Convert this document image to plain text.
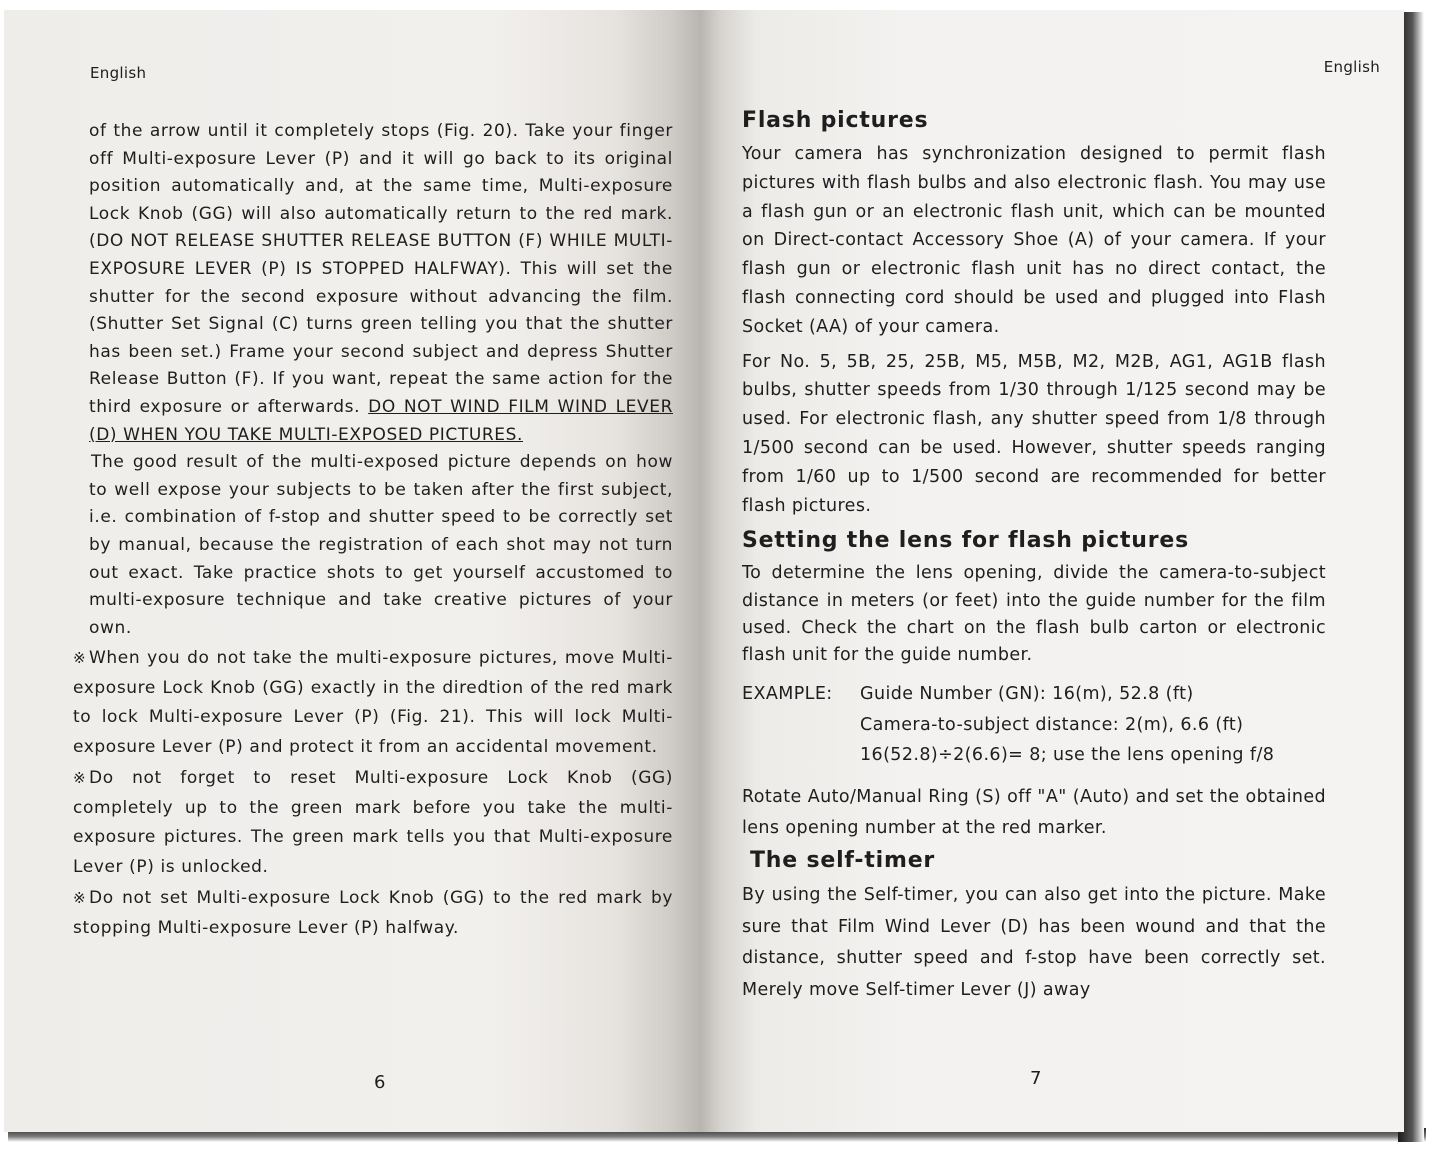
English

of the arrow until it completely stops (Fig. 20). Take your finger off Multi-exposure Lever (P) and it will go back to its original position automatically and, at the same time, Multi-exposure Lock Knob (GG) will also automatically return to the red mark. (DO NOT RELEASE SHUTTER RELEASE BUTTON (F) WHILE MULTI-EXPOSURE LEVER (P) IS STOPPED HALFWAY). This will set the shutter for the second exposure without advancing the film. (Shutter Set Signal (C) turns green telling you that the shutter has been set.) Frame your second subject and depress Shutter Release Button (F). If you want, repeat the same action for the third exposure or afterwards. DO NOT WIND FILM WIND LEVER (D) WHEN YOU TAKE MULTI-EXPOSED PICTURES.

The good result of the multi-exposed picture depends on how to well expose your subjects to be taken after the first subject, i.e. combination of f-stop and shutter speed to be correctly set by manual, because the registration of each shot may not turn out exact. Take practice shots to get yourself accustomed to multi-exposure technique and take creative pictures of your own.

※ When you do not take the multi-exposure pictures, move Multi-exposure Lock Knob (GG) exactly in the diredtion of the red mark to lock Multi-exposure Lever (P) (Fig. 21). This will lock Multi-exposure Lever (P) and protect it from an accidental movement.

※ Do not forget to reset Multi-exposure Lock Knob (GG) completely up to the green mark before you take the multi-exposure pictures. The green mark tells you that Multi-exposure Lever (P) is unlocked.

※ Do not set Multi-exposure Lock Knob (GG) to the red mark by stopping Multi-exposure Lever (P) halfway.

6
English
Flash pictures

Your camera has synchronization designed to permit flash pictures with flash bulbs and also electronic flash. You may use a flash gun or an electronic flash unit, which can be mounted on Direct-contact Accessory Shoe (A) of your camera. If your flash gun or electronic flash unit has no direct contact, the flash connecting cord should be used and plugged into Flash Socket (AA) of your camera.

For No. 5, 5B, 25, 25B, M5, M5B, M2, M2B, AG1, AG1B flash bulbs, shutter speeds from 1/30 through 1/125 second may be used. For electronic flash, any shutter speed from 1/8 through 1/500 second can be used. However, shutter speeds ranging from 1/60 up to 1/500 second are recommended for better flash pictures.

Setting the lens for flash pictures

To determine the lens opening, divide the camera-to-subject distance in meters (or feet) into the guide number for the film used. Check the chart on the flash bulb carton or electronic flash unit for the guide number.

EXAMPLE: Guide Number (GN): 16(m), 52.8 (ft)
Camera-to-subject distance: 2(m), 6.6 (ft)
16(52.8)÷2(6.6)= 8; use the lens opening f/8

Rotate Auto/Manual Ring (S) off "A" (Auto) and set the obtained lens opening number at the red marker.

The self-timer

By using the Self-timer, you can also get into the picture. Make sure that Film Wind Lever (D) has been wound and that the distance, shutter speed and f-stop have been correctly set. Merely move Self-timer Lever (J) away

7
